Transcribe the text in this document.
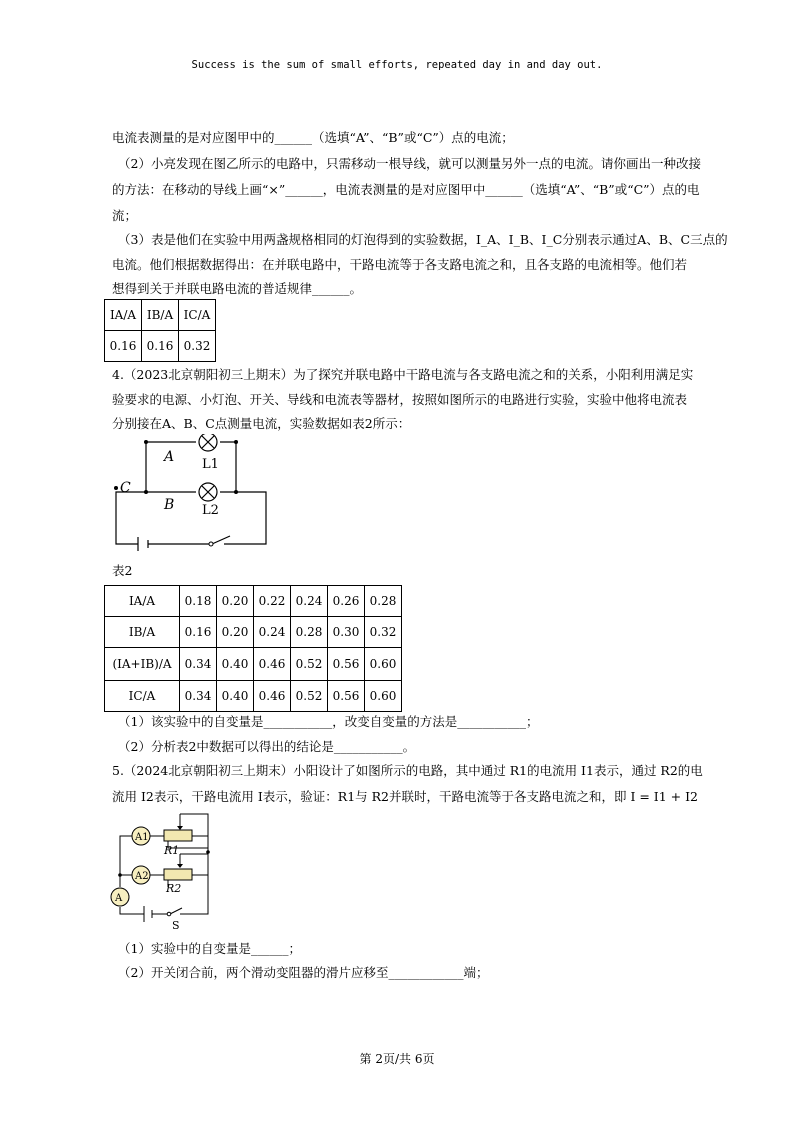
Success is the sum of small efforts, repeated day in and day out.
电流表测量的是对应图甲中的______（选填“A”、“B”或“C”）点的电流；
（2）小亮发现在图乙所示的电路中，只需移动一根导线，就可以测量另外一点的电流。请你画出一种改接
的方法：在移动的导线上画“×”______，电流表测量的是对应图甲中______（选填“A”、“B”或“C”）点的电
流；
（3）表是他们在实验中用两盏规格相同的灯泡得到的实验数据，I_A、I_B、I_C分别表示通过A、B、C三点的
电流。他们根据数据得出：在并联电路中，干路电流等于各支路电流之和，且各支路的电流相等。他们若
想得到关于并联电路电流的普适规律______。
IA/A	IB/A	IC/A
0.16	0.16	0.32
4.（2023北京朝阳初三上期末）为了探究并联电路中干路电流与各支路电流之和的关系，小阳利用满足实
验要求的电源、小灯泡、开关、导线和电流表等器材，按照如图所示的电路进行实验，实验中他将电流表
分别接在A、B、C点测量电流，实验数据如表2所示：
A L1
C
B L2
表2
IA/A	0.18	0.20	0.22	0.24	0.26	0.28
IB/A	0.16	0.20	0.24	0.28	0.30	0.32
(IA+IB)/A	0.34	0.40	0.46	0.52	0.56	0.60
IC/A	0.34	0.40	0.46	0.52	0.56	0.60
（1）该实验中的自变量是___________，改变自变量的方法是___________；
（2）分析表2中数据可以得出的结论是___________。
5.（2024北京朝阳初三上期末）小阳设计了如图所示的电路，其中通过 R1的电流用 I1表示，通过 R2的电
流用 I2表示，干路电流用 I表示，验证：R1与 R2并联时，干路电流等于各支路电流之和，即 I = I1 + I2
A1
A2
A
R1
R2
S
（1）实验中的自变量是______；
（2）开关闭合前，两个滑动变阻器的滑片应移至____________端；
第 2页/共 6页
